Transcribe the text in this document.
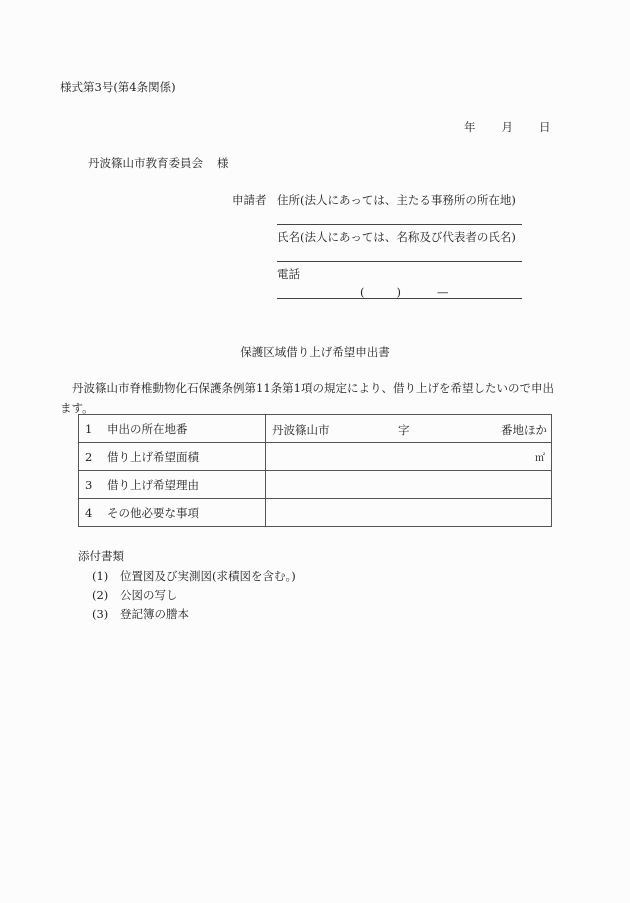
様式第3号(第4条関係)
年 月 日
丹波篠山市教育委員会 様
申請者 住所(法人にあっては、主たる事務所の所在地)
氏名(法人にあっては、名称及び代表者の氏名)
電話
(	)	—
保護区域借り上げ希望申出書
丹波篠山市脊椎動物化石保護条例第11条第1項の規定により、借り上げを希望したいので申出ます。
1 申出の所在地番	丹波篠山市 字 番地ほか

2 借り上げ希望面積	㎡
3 借り上げ希望理由	
4 その他必要な事項	
添付書類
(1) 位置図及び実測図(求積図を含む。)
(2) 公図の写し
(3) 登記簿の謄本
